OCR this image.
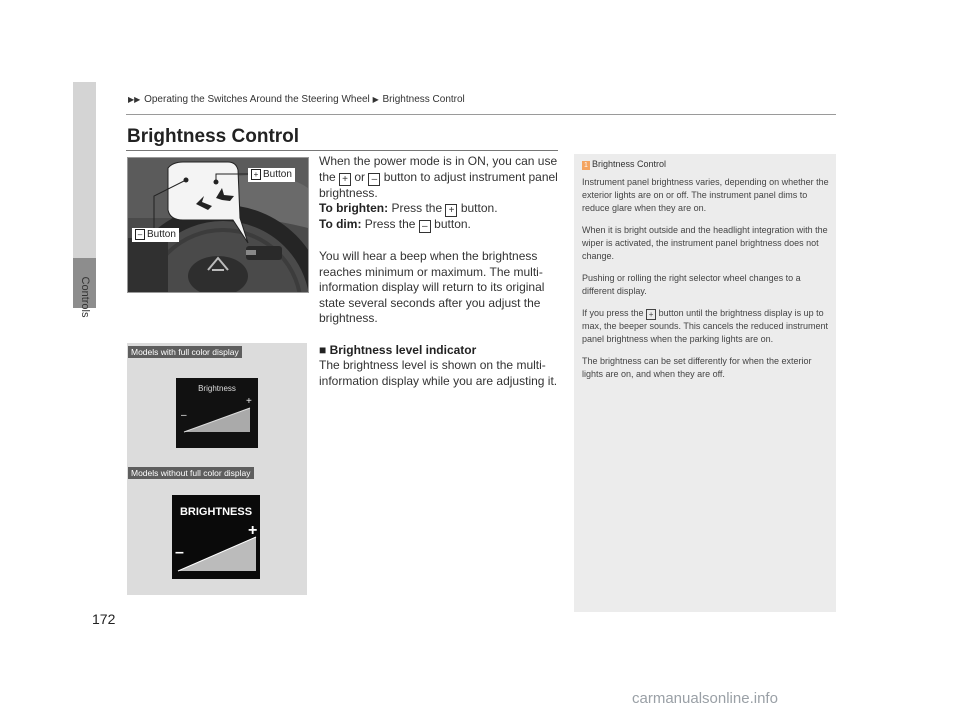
Controls
172
▶▶ Operating the Switches Around the Steering Wheel ▶ Brightness Control
Brightness Control
+ Button
– Button
Models with full color display
Brightness
+
–
Models without full color display
BRIGHTNESS
+
–

When the power mode is in ON, you can use the + or – button to adjust instrument panel brightness.

To brighten: Press the + button.

To dim: Press the – button.

You will hear a beep when the brightness reaches minimum or maximum. The multi-information display will return to its original state several seconds after you adjust the brightness.

■ Brightness level indicator

The brightness level is shown on the multi-information display while you are adjusting it.

1 Brightness Control

Instrument panel brightness varies, depending on whether the exterior lights are on or off. The instrument panel dims to reduce glare when they are on.

When it is bright outside and the headlight integration with the wiper is activated, the instrument panel brightness does not change.

Pushing or rolling the right selector wheel changes to a different display.

If you press the + button until the brightness display is up to max, the beeper sounds. This cancels the reduced instrument panel brightness when the parking lights are on.

The brightness can be set differently for when the exterior lights are on, and when they are off.

carmanualsonline.info
